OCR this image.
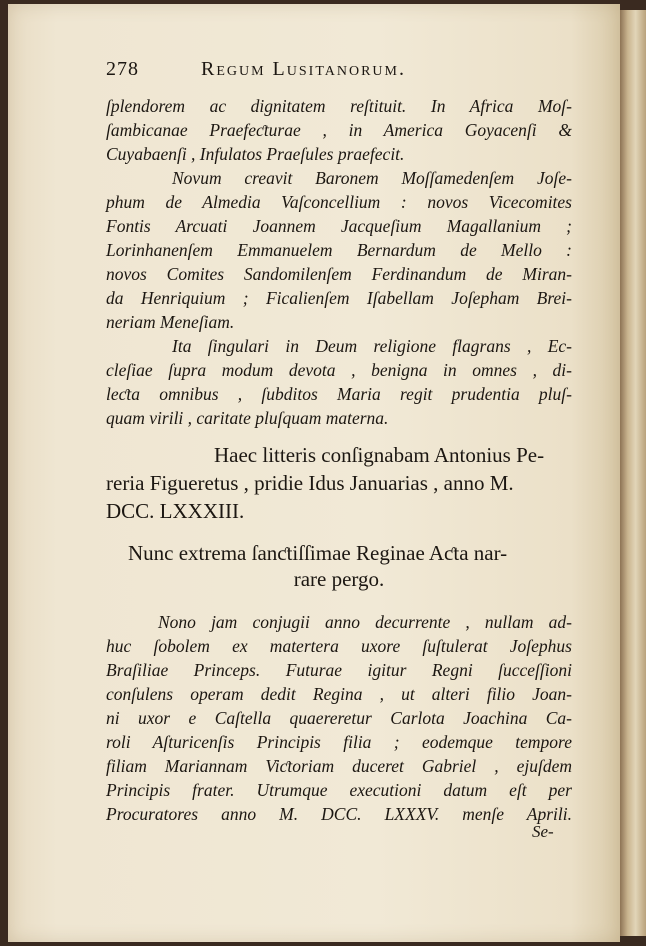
278	Regum Lusitanorum.
ſplendorem ac dignitatem reſtituit. In Africa Moſ-
ſambicanae Praefeƈturae , in America Goyacenſi &
Cuyabaenſi , Infulatos Praeſules praefecit.
Novum creavit Baronem Moſſamedenſem Joſe-
phum de Almedia Vaſconcellium : novos Vicecomites
Fontis Arcuati Joannem Jacqueſium Magallanium ;
Lorinhanenſem Emmanuelem Bernardum de Mello :
novos Comites Sandomilenſem Ferdinandum de Miran-
da Henriquium ; Ficalienſem Iſabellam Joſepham Brei-
neriam Meneſiam.
Ita ſingulari in Deum religione flagrans , Ec-
cleſiae ſupra modum devota , benigna in omnes , di-
leƈta omnibus , ſubditos Maria regit prudentia pluſ-
quam virili , caritate pluſquam materna.
Haec litteris conſignabam Antonius Pe-
reria Figueretus , pridie Idus Januarias , anno M.
DCC. LXXXIII.
Nunc extrema ſanƈtiſſimae Reginae Aƈta nar-
rare pergo.
Nono jam conjugii anno decurrente , nullam ad-
huc ſobolem ex matertera uxore ſuſtulerat Joſephus
Braſiliae Princeps. Futurae igitur Regni ſucceſſioni
conſulens operam dedit Regina , ut alteri filio Joan-
ni uxor e Caſtella quaereretur Carlota Joachina Ca-
roli Aſturicenſis Principis filia ; eodemque tempore
filiam Mariannam Viƈtoriam duceret Gabriel , ejuſdem
Principis frater. Utrumque executioni datum eſt per
Procuratores anno M. DCC. LXXXV. menſe Aprili.
Se-
